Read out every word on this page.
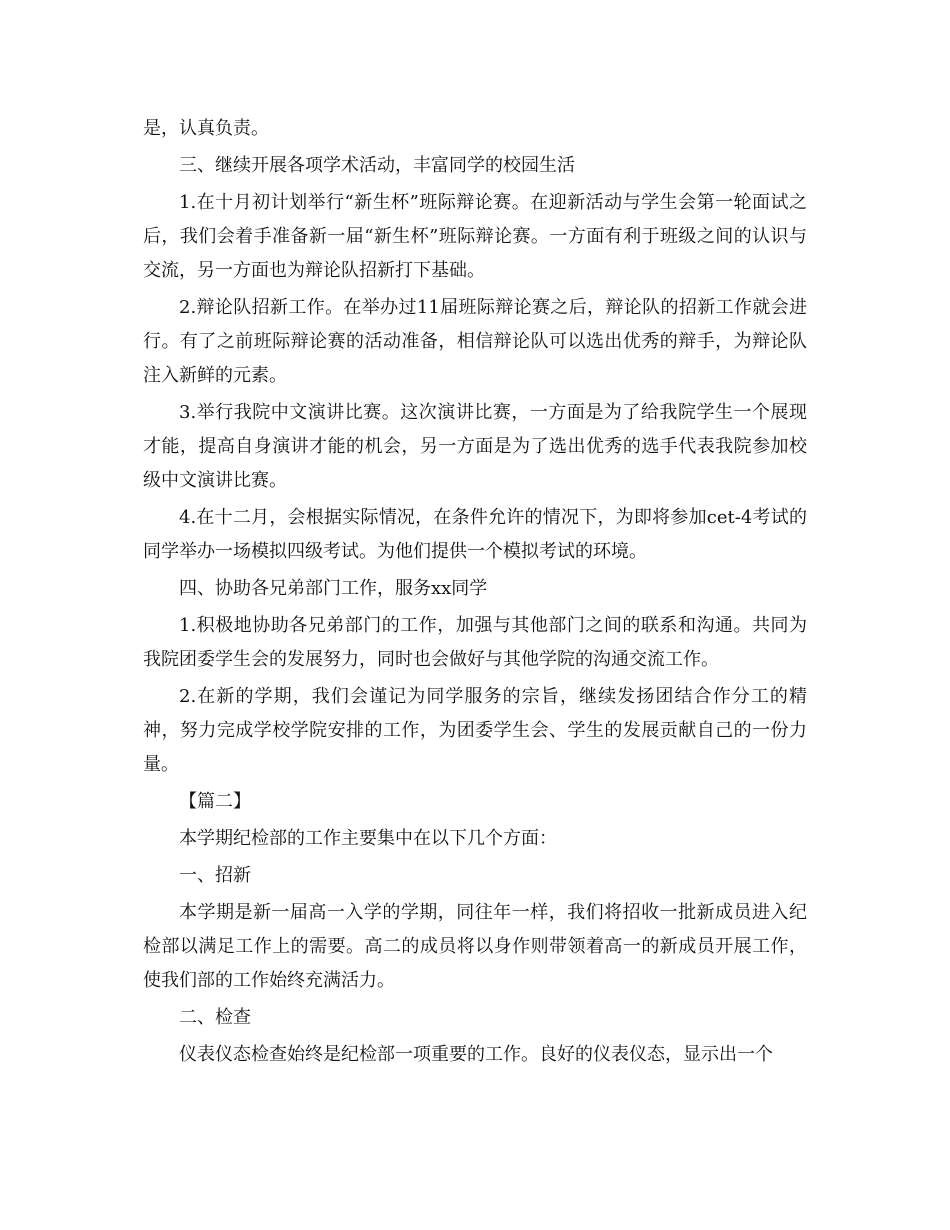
是，认真负责。

三、继续开展各项学术活动，丰富同学的校园生活

1.在十月初计划举行“新生杯”班际辩论赛。在迎新活动与学生会第一轮面试之后，我们会着手准备新一届“新生杯”班际辩论赛。一方面有利于班级之间的认识与交流，另一方面也为辩论队招新打下基础。

2.辩论队招新工作。在举办过11届班际辩论赛之后，辩论队的招新工作就会进行。有了之前班际辩论赛的活动准备，相信辩论队可以选出优秀的辩手，为辩论队注入新鲜的元素。

3.举行我院中文演讲比赛。这次演讲比赛，一方面是为了给我院学生一个展现才能，提高自身演讲才能的机会，另一方面是为了选出优秀的选手代表我院参加校级中文演讲比赛。

4.在十二月，会根据实际情况，在条件允许的情况下，为即将参加cet-4考试的同学举办一场模拟四级考试。为他们提供一个模拟考试的环境。

四、协助各兄弟部门工作，服务xx同学

1.积极地协助各兄弟部门的工作，加强与其他部门之间的联系和沟通。共同为我院团委学生会的发展努力，同时也会做好与其他学院的沟通交流工作。

2.在新的学期，我们会谨记为同学服务的宗旨，继续发扬团结合作分工的精神，努力完成学校学院安排的工作，为团委学生会、学生的发展贡献自己的一份力量。

【篇二】

本学期纪检部的工作主要集中在以下几个方面：

一、招新

本学期是新一届高一入学的学期，同往年一样，我们将招收一批新成员进入纪检部以满足工作上的需要。高二的成员将以身作则带领着高一的新成员开展工作，使我们部的工作始终充满活力。

二、检查

仪表仪态检查始终是纪检部一项重要的工作。良好的仪表仪态，显示出一个
